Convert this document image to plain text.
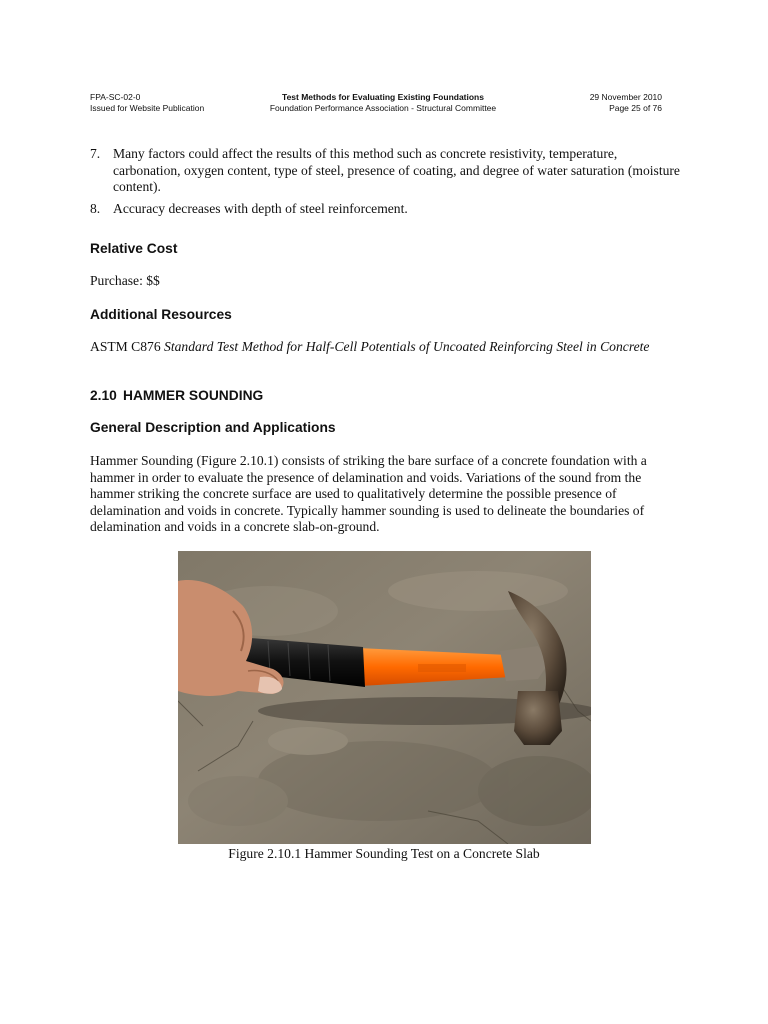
FPA-SC-02-0
Issued for Website Publication
Test Methods for Evaluating Existing Foundations
Foundation Performance Association - Structural Committee
29 November 2010
Page 25 of 76
7. Many factors could affect the results of this method such as concrete resistivity, temperature, carbonation, oxygen content, type of steel, presence of coating, and degree of water saturation (moisture content).
8. Accuracy decreases with depth of steel reinforcement.
Relative Cost
Purchase: $$
Additional Resources
ASTM C876 Standard Test Method for Half-Cell Potentials of Uncoated Reinforcing Steel in Concrete
2.10 HAMMER SOUNDING
General Description and Applications
Hammer Sounding (Figure 2.10.1) consists of striking the bare surface of a concrete foundation with a hammer in order to evaluate the presence of delamination and voids. Variations of the sound from the hammer striking the concrete surface are used to qualitatively determine the possible presence of delamination and voids in concrete. Typically hammer sounding is used to delineate the boundaries of delamination and voids in a concrete slab-on-ground.
Figure 2.10.1 Hammer Sounding Test on a Concrete Slab
